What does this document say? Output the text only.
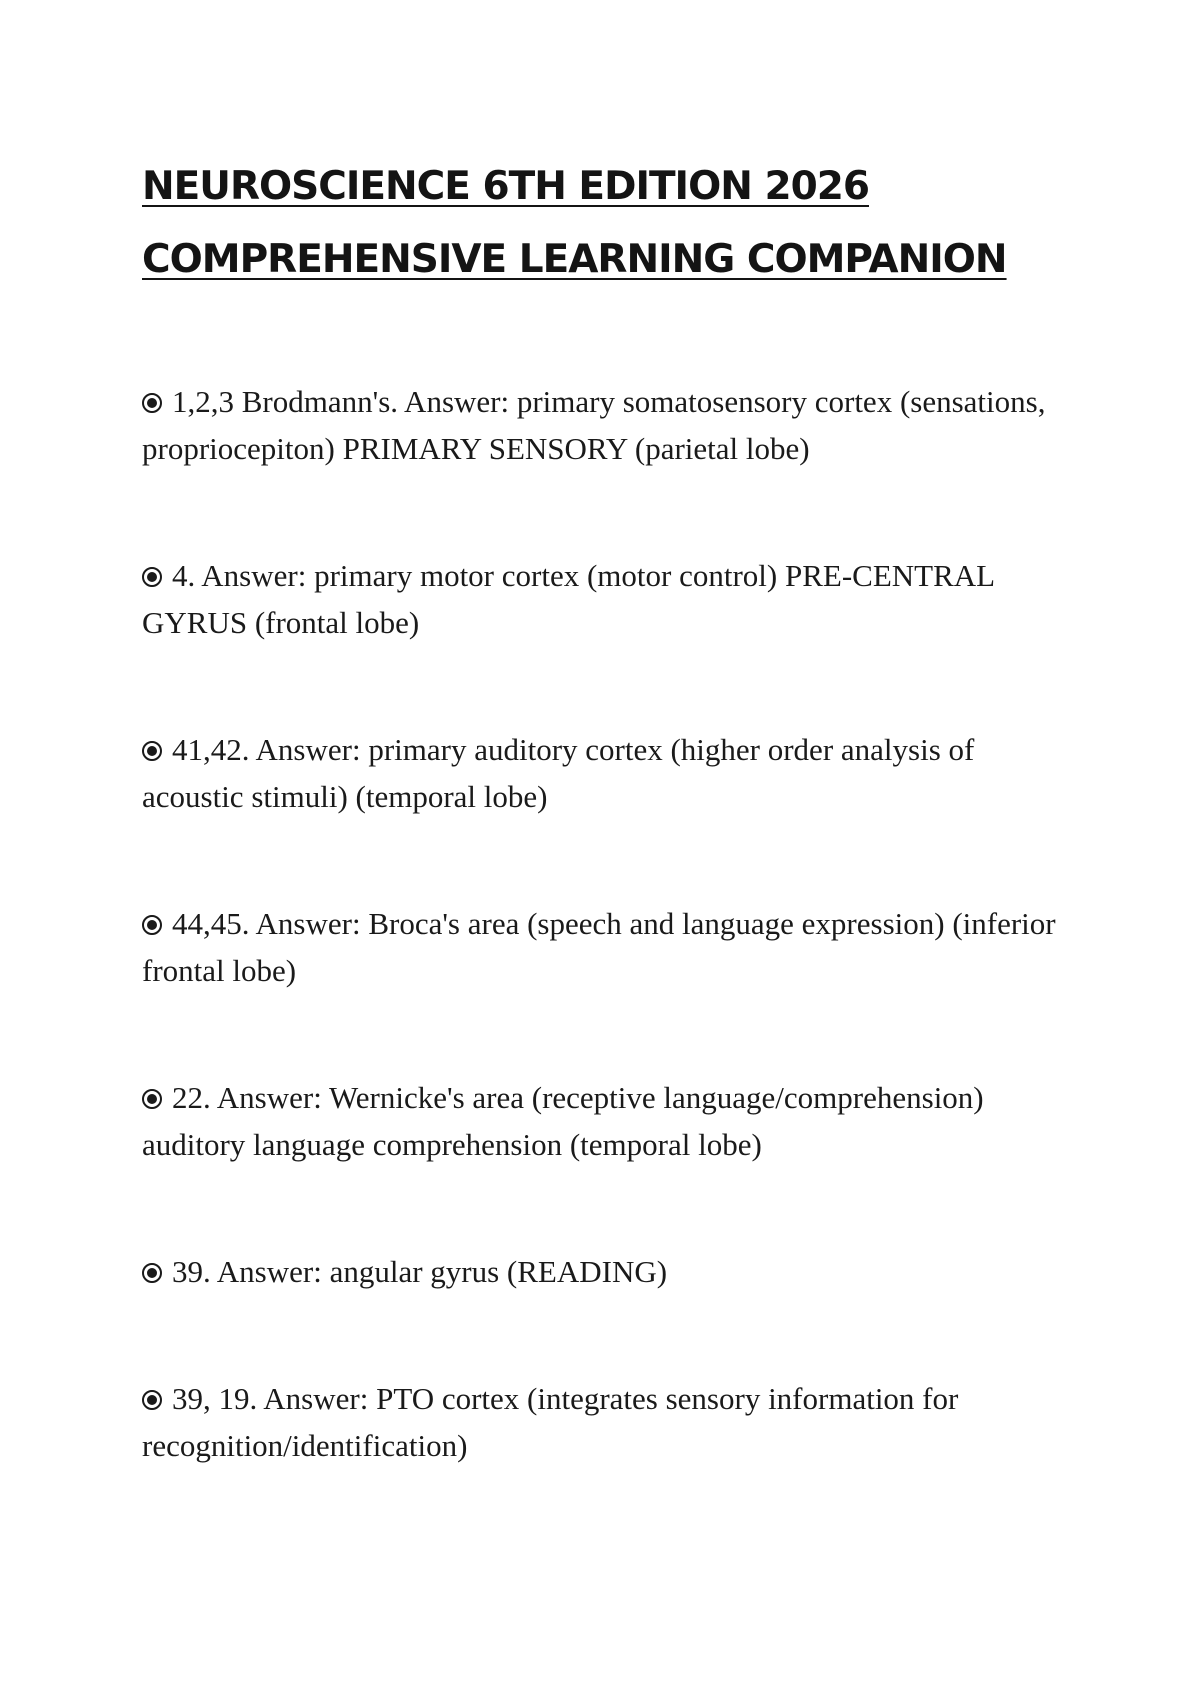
NEUROSCIENCE 6TH EDITION 2026
COMPREHENSIVE LEARNING COMPANION
1,2,3 Brodmann's. Answer: primary somatosensory cortex (sensations, propriocepiton) PRIMARY SENSORY (parietal lobe)
4. Answer: primary motor cortex (motor control) PRE-CENTRAL GYRUS (frontal lobe)
41,42. Answer: primary auditory cortex (higher order analysis of acoustic stimuli) (temporal lobe)
44,45. Answer: Broca's area (speech and language expression) (inferior frontal lobe)
22. Answer: Wernicke's area (receptive language/comprehension) auditory language comprehension (temporal lobe)
39. Answer: angular gyrus (READING)
39, 19. Answer: PTO cortex (integrates sensory information for recognition/identification)
